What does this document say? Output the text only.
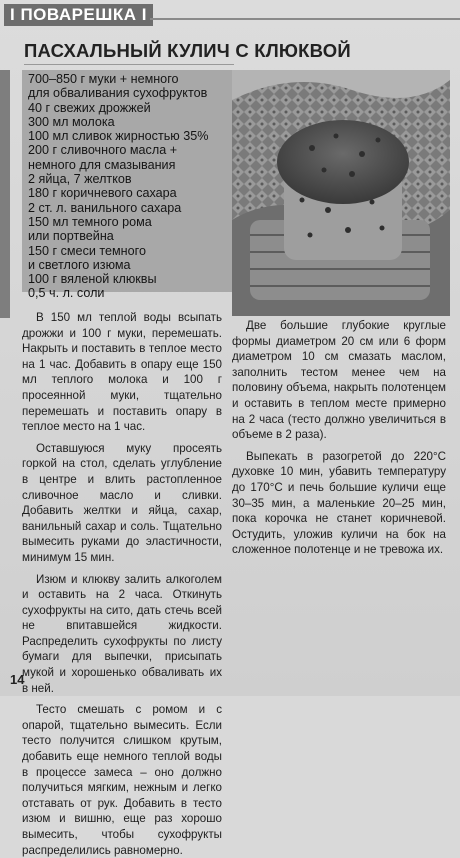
I ПОВАРЕШКА I
ПАСХАЛЬНЫЙ КУЛИЧ С КЛЮКВОЙ
700–850 г муки + немного
для обваливания сухофруктов
40 г свежих дрожжей
300 мл молока
100 мл сливок жирностью 35%
200 г сливочного масла +
немного для смазывания
2 яйца, 7 желтков
180 г коричневого сахара
2 ст. л. ванильного сахара
150 мл темного рома
или портвейна
150 г смеси темного
и светлого изюма
100 г вяленой клюквы
0,5 ч. л. соли

В 150 мл теплой воды всыпать дрожжи и 100 г муки, перемешать. Накрыть и поставить в теплое место на 1 час. Добавить в опару еще 150 мл теплого молока и 100 г просеянной муки, тщательно перемешать и поставить опару в теплое место на 1 час.

Оставшуюся муку просеять горкой на стол, сделать углубление в центре и влить растопленное сливочное масло и сливки. Добавить желтки и яйца, сахар, ванильный сахар и соль. Тщательно вымесить руками до эластичности, минимум 15 мин.

Изюм и клюкву залить алкоголем и оставить на 2 часа. Откинуть сухофрукты на сито, дать стечь всей не впитавшейся жидкости. Распределить сухофрукты по листу бумаги для выпечки, присыпать мукой и хорошенько обваливать их в ней.

Тесто смешать с ромом и с опарой, тщательно вымесить. Если тесто получится слишком крутым, добавить еще немного теплой воды в процессе замеса – оно должно получиться мягким, нежным и легко отставать от рук. Добавить в тесто изюм и вишню, еще раз хорошо вымесить, чтобы сухофрукты распределились равномерно.

Две большие глубокие круглые формы диаметром 20 см или 6 форм диаметром 10 см смазать маслом, заполнить тестом менее чем на половину объема, накрыть полотенцем и оставить в теплом месте примерно на 2 часа (тесто должно увеличиться в объеме в 2 раза).

Выпекать в разогретой до 220°С духовке 10 мин, убавить температуру до 170°С и печь большие куличи еще 30–35 мин, а маленькие 20–25 мин, пока корочка не станет коричневой. Остудить, уложив куличи на бок на сложенное полотенце и не тревожа их.

14
